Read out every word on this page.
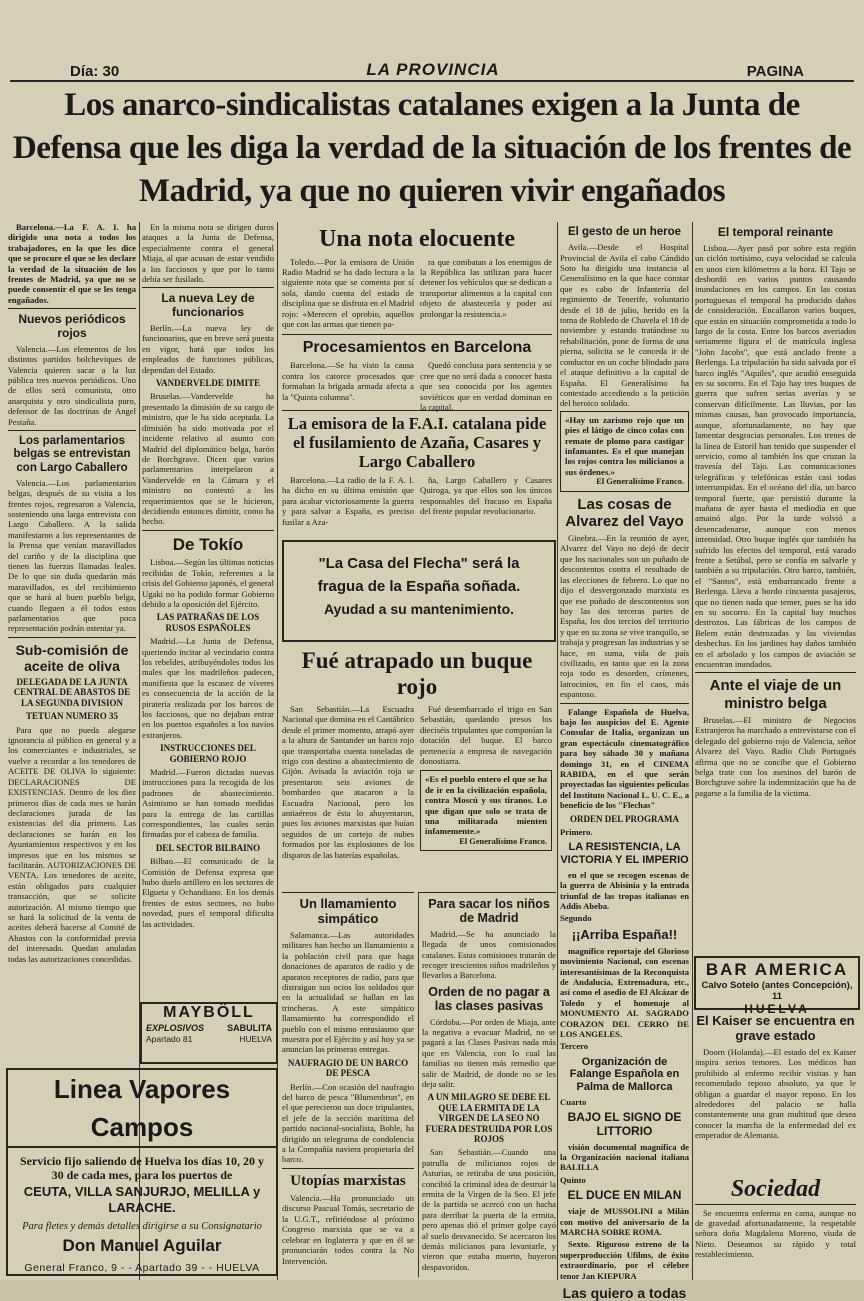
Día: 30	LA PROVINCIA	PAGINA
Los anarco-sindicalistas catalanes exigen a la Junta de Defensa que les diga la verdad de la situación de los frentes de Madrid, ya que no quieren vivir engañados

Barcelona.—La F. A. I. ha dirigido una nota a todos los trabajadores, en la que les dice que se procure el que se les declare la verdad de la situación de los frentes de Madrid, ya que no se puede consentir el que se les tenga engañados.

Nuevos periódicos rojos

Valencia.—Los elementos de los distintos partidos bolcheviques de Valencia quieren sacar a la luz pública tres nuevos periódicos. Uno de ellos será comunista, otro anarquista y otro sindicalista puro, defensor de las doctrinas de Angel Pestaña.

Los parlamentarios belgas se entrevistan con Largo Caballero

Valencia.—Los parlamentarios belgas, después de su visita a los frentes rojos, regresaron a Valencia, sosteniendo una larga entrevista con Largo Caballero. A la salida manifestaron a los representantes de la Prensa que venían maravillados del cariño y de la disciplina que tienen las fuerzas llamadas leales. De lo que sin duda quedarán más maravillados, es del recibimiento que se hará al buen pueblo belga, cuando lleguen a él todos estos parlamentarios que poca representación podrán ostentar ya.

Sub-comisión de aceite de oliva
DELEGADA DE LA JUNTA CENTRAL DE ABASTOS DE LA SEGUNDA DIVISION
TETUAN NUMERO 35

Para que no pueda alegarse ignorancia al público en general y a los comerciantes e industriales, se vuelve a recordar a los tenedores de ACEITE DE OLIVA lo siguiente: DECLARACIONES DE EXISTENCIAS. Dentro de los diez primeros días de cada mes se harán declaraciones jurada de las existencias del día primero. Las declaraciones se harán en los Ayuntamientos respectivos y en los impresos que en los mismos se facilitarán. AUTORIZACIONES DE VENTA. Los tenedores de aceite, están obligados para cualquier transacción, que se solicite autorización. Al mismo tiempo que se hará la solicitud de la venta de aceites deberá hacerse al Comité de Abastos con la conformidad previa del interesado. Quedan anuladas todas las autorizaciones concedidas.

En la misma nota se dirigen duros ataques a la Junta de Defensa, especialmente contra el general Miaja, al que acusan de estar vendido a los facciosos y que por lo tanto debía ser fusilado.

La nueva Ley de funcionarios

Berlín.—La nueva ley de funcionarios, que en breve será puesta en vigor, hará que todos los empleados de funciones públicas, dependan del Estado.

VANDERVELDE DIMITE

Bruselas.—Vandervelde ha presentado la dimisión de su cargo de ministro, que le ha sido aceptada. La dimisión ha sido motivada por el incidente relativo al asunto con Madrid del diplomático belga, barón de Borchgrave. Dicen que varios parlamentarios interpelaron a Vandervelde en la Cámara y el ministro no contestó a los requerimientos que se le hicieron, decidiendo entonces dimitir, como ha hecho.

De Tokío

Lisboa.—Según las últimas noticias recibidas de Tokío, referentes a la crisis del Gobierno japonés, el general Ugaki no ha podido formar Gobierno debido a la oposición del Ejército.

LAS PATRAÑAS DE LOS RUSOS ESPAÑOLES

Madrid.—La Junta de Defensa, queriendo incitar al vecindario contra los rebeldes, atribuyéndoles todos los males que los madrileños padecen, manifiesta que la escasez de víveres es consecuencia de la acción de la piratería realizada por los barcos de los facciosos, que no dejaban entrar en los puertos españoles a los navíos extranjeros.

INSTRUCCIONES DEL GOBIERNO ROJO

Madrid.—Fueron dictadas nuevas instrucciones para la recogida de los padrones de abastecimiento. Asimismo se han tomado medidas para la entrega de las cartillas correspondientes, las cuales serán firmadas por el cabeza de familia.

DEL SECTOR BILBAINO

Bilbao.—El comunicado de la Comisión de Defensa expresa que hubo duelo artillero en los sectores de Elgueta y Ochandiano. En los demás frentes de estos sectores, no hubo novedad, pues el temporal dificulta las actividades.

MAYBÖLL
EXPLOSIVOS	SABULITA
Apartado 81	HUELVA
Linea Vapores Campos
Servicio fijo saliendo de Huelva los días 10, 20 y 30 de cada mes, para los puertos de
CEUTA, VILLA SANJURJO, MELILLA y LARACHE.
Para fletes y demás detalles dirigirse a su Consignatario
Don Manuel Aguilar
General Franco, 9 - - Apartado 39 - - HUELVA
Una nota elocuente

Toledo.—Por la emisora de Unión Radio Madrid se ha dado lectura a la siguiente nota que se comenta por sí sola, dando cuenta del estado de disciplina que se disfruta en el Madrid rojo: «Merecen el oprobio, aquellos que con las armas que tienen pa-

ra que combatan a los enemigos de la República las utilizan para hacer detener los vehículos que se dedican a transportar alimentos a la capital con objeto de abastecerla y poder así prolongar la resistencia.»

Procesamientos en Barcelona

Barcelona.—Se ha visto la causa contra los catorce procesados que formaban la brigada armada afecta a la "Quinta columna".

Quedó conclusa para sentencia y se cree que no será dada a conocer hasta que sea conocida por los agentes soviéticos que en verdad dominan en la capital.

La emisora de la F.A.I. catalana pide el fusilamiento de Azaña, Casares y Largo Caballero

Barcelona.—La radio de la F. A. I. ha dicho en su última emisión que para acabar victoriosamente la guerra y para salvar a España, es preciso fusilar a Aza-

ña, Largo Caballero y Casares Quiroga, ya que ellos son los únicos responsables del fracaso en España del frente popular revolucionario.

"La Casa del Flecha" será la
fragua de la España soñada.
Ayudad a su mantenimiento.
Fué atrapado un buque rojo

San Sebastián.—La Escuadra Nacional que domina en el Cantábrico desde el primer momento, atrapó ayer a la altura de Santander un barco rojo que transportaba cuenta toneladas de trigo con destino a abastecimiento de Gijón. Avisada la aviación roja se presentaron seis aviones de bombardeo que atacaron a la Escuadra Nacional, pero los antiaéreos de ésta lo ahuyentaron, pues los aviones marxistas que huían seguidos de un cortejo de nubes formados por las explosiones de los disparos de las baterías españolas.

Fué desembarcado el trigo en San Sebastián, quedando presos los dieciséis tripulantes que componían la dotación del buque. El barco pertenecía a empresa de navegación donostiarra.

«Es el pueblo entero el que se ha de ir en la civilización española, contra Moscú y sus tiranos. Lo que digan que solo se trata de una militarada mienten infamemente.»
El Generalísimo Franco.
Un llamamiento simpático

Salamanca.—Las autoridades militares han hecho un llamamiento a la población civil para que haga donaciones de aparatos de radio y de aparatos receptores de radio, para que distraigan sus ocios los soldados que en la actualidad se hallan en las trincheras. A este simpático llamamiento ha correspondido el pueblo con el mismo entusiasmo que muestra por el Ejército y así hoy ya se anuncian las primeras entregas.

NAUFRAGIO DE UN BARCO DE PESCA

Berlín.—Con ocasión del naufragio del barco de pesca "Blumenbrun", en el que perecieron sus doce tripulantes, el jefe de la sección marítima del partido nacional-socialista, Bohle, ha dirigido un telegrama de condolencia a la Compañía naviera propietaria del barco.

Utopías marxistas

Valencia.—Ha pronunciado un discurso Pascual Tomás, secretario de la U.G.T., refiriéndose al próximo Congreso marxista que se va a celebrar en Inglaterra y que en él se pronunciarán todos contra la No Intervención.

Para sacar los niños de Madrid

Madrid.—Se ha anunciado la llegada de unos comisionados catalanes. Estas comisiones tratarán de recoger trescientos niños madrileños y llevarlos a Barcelona.

Orden de no pagar a las clases pasivas

Córdoba.—Por orden de Miaja, ante la negativa a evacuar Madrid, no se pagará a las Clases Pasivas nada más que en Valencia, con lo cual las familias no tienen más remedio que salir de Madrid, de donde no se les deja salir.

A UN MILAGRO SE DEBE EL QUE LA ERMITA DE LA VIRGEN DE LA SEO NO FUERA DESTRUIDA POR LOS ROJOS

San Sebastián.—Cuando una patrulla de milicianos rojos de Asturias, se retiraba de una posición, concibió la criminal idea de destruir la ermita de la Virgen de la Seo. El jefe de la partida se acercó con un hacha para derribar la puerta de la ermita, pero apenas dió el primer golpe cayó al suelo desvanecido. Se acercaron los demás milicianos para levantarle, y vieron que estaba muerto, huyeron despavoridos.

El gesto de un heroe

Avila.—Desde el Hospital Provincial de Avila el cabo Cándido Soto ha dirigido una instancia al Generalísimo en la que hace constar que es cabo de Infantería del regimiento de Tenerife, voluntario desde el 18 de julio, herido en la toma de Robledo de Chavela el 18 de noviembre y estando tratándose su rehabilitación, pone de forma de una pierna, solicita se le conceda ir de conductor en un coche blindado para el ataque definitivo a la capital de España. El Generalísimo ha contestado accediendo a la petición del heroico soldado.

«Hay un zarismo rojo que un pies el látigo de cinco colas con remate de plomo para castigar infamantes. Es el que manejan los rojos contra los milicianos a sus órdenes.»
El Generalísimo Franco.
Las cosas de Alvarez del Vayo

Ginebra.—En la reunión de ayer, Alvarez del Vayo no dejó de decir que los nacionales son un puñado de descontentos contra el resultado de las elecciones de febrero. Lo que no dijo el desvergonzado marxista es que ese puñado de descontentos son hoy las dos terceras partes de España, los dos tercios del territorio y que en su zona se vive tranquilo, se trabaja y progresan las industrias y se hace, en suma, vida de país civilizado, en tanto que en la zona roja todo es desorden, crímenes, latrocinios, en fin el caos, más espantoso.

Falange Española de Huelva, bajo los auspicios del E. Agente Consular de Italia, organizan un gran espectáculo cinematográfico para hoy sábado 30 y mañana domingo 31, en el CINEMA RABIDA, en el que serán proyectadas las siguientes películas del Instituto Nacional L. U. C. E., a beneficio de los "Flechas"

ORDEN DEL PROGRAMA
Primero.
LA RESISTENCIA, LA VICTORIA Y EL IMPERIO

en el que se recogen escenas de la guerra de Abisinia y la entrada triunfal de las tropas italianas en Addis Abeba.

Segundo
¡¡Arriba España!!

magnífico reportaje del Glorioso movimiento Nacional, con escenas interesantísimas de la Reconquista de Andalucía, Extremadura, etc., así como el asedio de El Alcázar de Toledo y el homenaje al MONUMENTO AL SAGRADO CORAZON DEL CERRO DE LOS ANGELES.

Tercero
Organización de Falange Española en Palma de Mallorca
Cuarto
BAJO EL SIGNO DE LITTORIO

visión documental magnífica de la Organización nacional italiana BALILLA

Quinto
EL DUCE EN MILAN

viaje de MUSSOLINI a Milán con motivo del aniversario de la MARCHA SOBRE ROMA.

Sexto. Riguroso estreno de la superproducción Ufilms, de éxito extraordinario, por el célebre tenor Jan KIEPURA

Las quiero a todas
El temporal reinante

Lisboa.—Ayer pasó por sobre esta región un ciclón tortísimo, cuya velocidad se calcula en unos cien kilómetros a la hora. El Tajo se desbordó en varios puntos causando inundaciones en los campos. En las costas portuguesas el temporal ha producido daños de consideración. Encallaron varios buques, que están en situación comprometida a todo lo largo de la costa. Entre los barcos averiados seriamente figura el de matrícula inglesa "John Jacobs", que está anclado frente a Berlenga. La tripulación ha sido salvada por el barco inglés "Aquiles", que acudió enseguida en su socorro. En el Tajo hay tres buques de guerra que sufren serias averías y se conservan difícilmente. Las lluvias, por las mismas causas, han provocado importancia, aunque, afortunadamente, no hay que lamentar desgracias personales. Los trenes de la línea de Estoril han tenido que suspender el servicio, como al también los que cruzan la travesía del Tajo. Las comunicaciones telegráficas y telefónicas están casi todas interrumpidas. En el océano del día, un barco temporal fuerte, que persistió durante la mañana de ayer hasta el mediodía en que amainó algo. Por la tarde volvió a desencadenarse, aunque con menos intensidad. Otro buque inglés que también ha sufrido los efectos del temporal, está varado frente a Setúbal, pero se confía en salvarle y también a su tripulación. Otro barco, también, el "Santos", está embarrancado frente a Berlenga. Lleva a bordo cincuenta pasajeros, que no tienen nada que temer, pues se ha ido en su socorro. En la capital hay muchos destrozos. Las fábricas de los campos de Belem están destrozadas y las viviendas deshechas. En los jardines hay daños también en el arbolado y los campos de aviación se encuentran inundados.

Ante el viaje de un ministro belga

Bruselas.—El ministro de Negocios Extranjeros ha marchado a entrevistarse con el delegado del gobierno rojo de Valencia, señor Alvarez del Vayo. Radio Club Portugués afirma que no se concibe que el Gobierno belga trate con los asesinos del barón de Borchgrave sobre la indemnización que ha de pagarse a la familia de la víctima.

BAR AMERICA
Calvo Sotelo (antes Concepción), 11
HUELVA
El Kaiser se encuentra en grave estado

Doorn (Holanda).—El estado del ex Kaiser inspira serios temores. Los médicos han prohibido al enfermo recibir visitas y han recomendado reposo absoluto, ya que le obligan a guardar el mayor reposo. En los alrededores del palacio se halla constantemente una gran multitud que desea conocer la marcha de la enfermedad del ex emperador de Alemania.

Sociedad

Se encuentra enferma en cama, aunque no de gravedad afortunadamente, la respetable señora doña Magdalena Moreno, viuda de Nieto. Deseamos su rápido y total restablecimiento.
